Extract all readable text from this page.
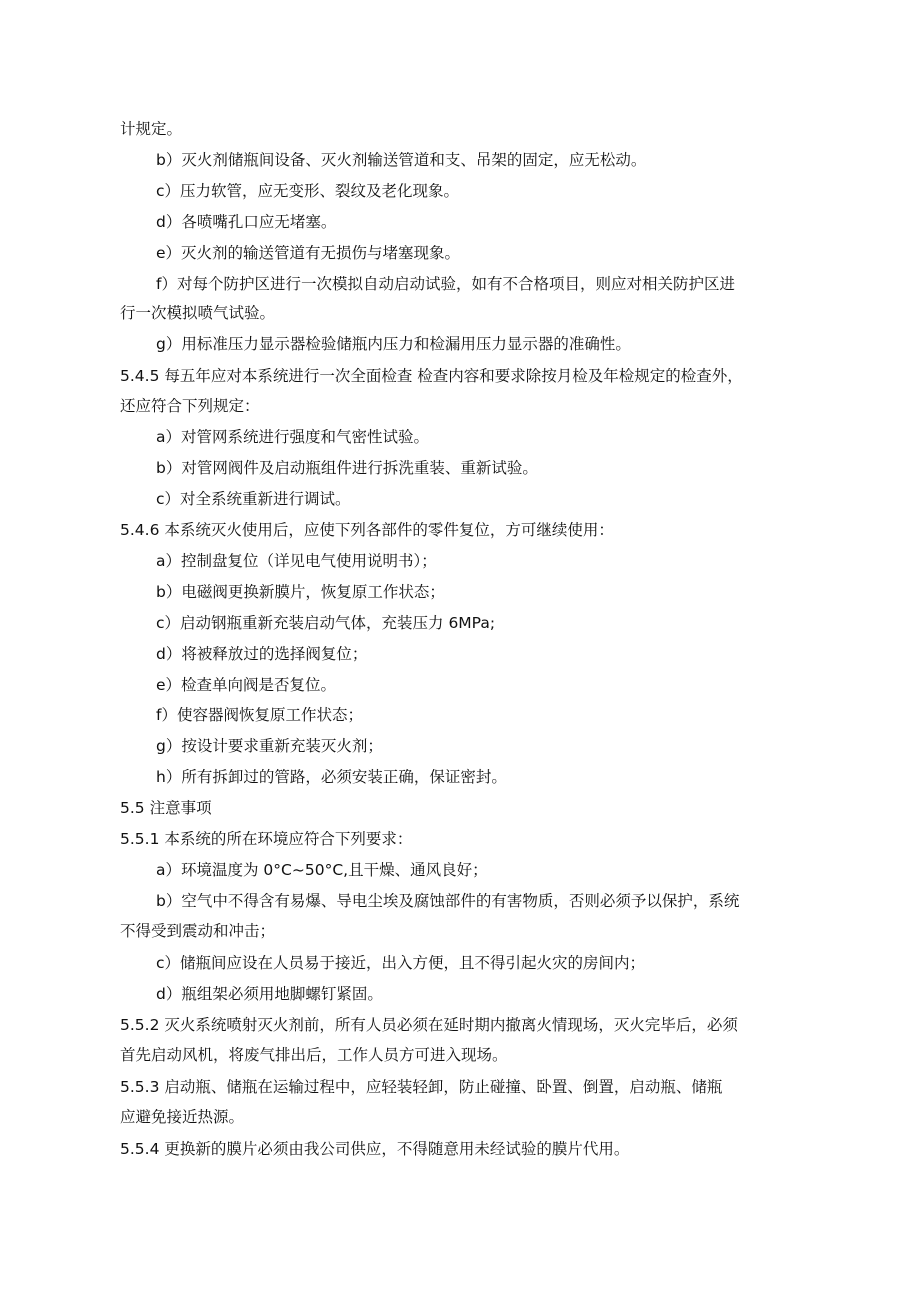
计规定。
b）灭火剂储瓶间设备、灭火剂输送管道和支、吊架的固定，应无松动。
c）压力软管，应无变形、裂纹及老化现象。
d）各喷嘴孔口应无堵塞。
e）灭火剂的输送管道有无损伤与堵塞现象。
f）对每个防护区进行一次模拟自动启动试验，如有不合格项目，则应对相关防护区进
行一次模拟喷气试验。
g）用标准压力显示器检验储瓶内压力和检漏用压力显示器的准确性。
5.4.5 每五年应对本系统进行一次全面检查 检查内容和要求除按月检及年检规定的检查外，
还应符合下列规定：
a）对管网系统进行强度和气密性试验。
b）对管网阀件及启动瓶组件进行拆洗重装、重新试验。
c）对全系统重新进行调试。
5.4.6 本系统灭火使用后，应使下列各部件的零件复位，方可继续使用：
a）控制盘复位（详见电气使用说明书）；
b）电磁阀更换新膜片，恢复原工作状态；
c）启动钢瓶重新充装启动气体，充装压力 6MPa;
d）将被释放过的选择阀复位；
e）检查单向阀是否复位。
f）使容器阀恢复原工作状态；
g）按设计要求重新充装灭火剂；
h）所有拆卸过的管路，必须安装正确，保证密封。
5.5 注意事项
5.5.1 本系统的所在环境应符合下列要求：
a）环境温度为 0°C~50°C,且干燥、通风良好；
b）空气中不得含有易爆、导电尘埃及腐蚀部件的有害物质，否则必须予以保护，系统
不得受到震动和冲击；
c）储瓶间应设在人员易于接近，出入方便，且不得引起火灾的房间内；
d）瓶组架必须用地脚螺钉紧固。
5.5.2 灭火系统喷射灭火剂前，所有人员必须在延时期内撤离火情现场，灭火完毕后，必须
首先启动风机，将废气排出后，工作人员方可进入现场。
5.5.3 启动瓶、储瓶在运输过程中，应轻装轻卸，防止碰撞、卧置、倒置，启动瓶、储瓶
应避免接近热源。
5.5.4 更换新的膜片必须由我公司供应，不得随意用未经试验的膜片代用。
